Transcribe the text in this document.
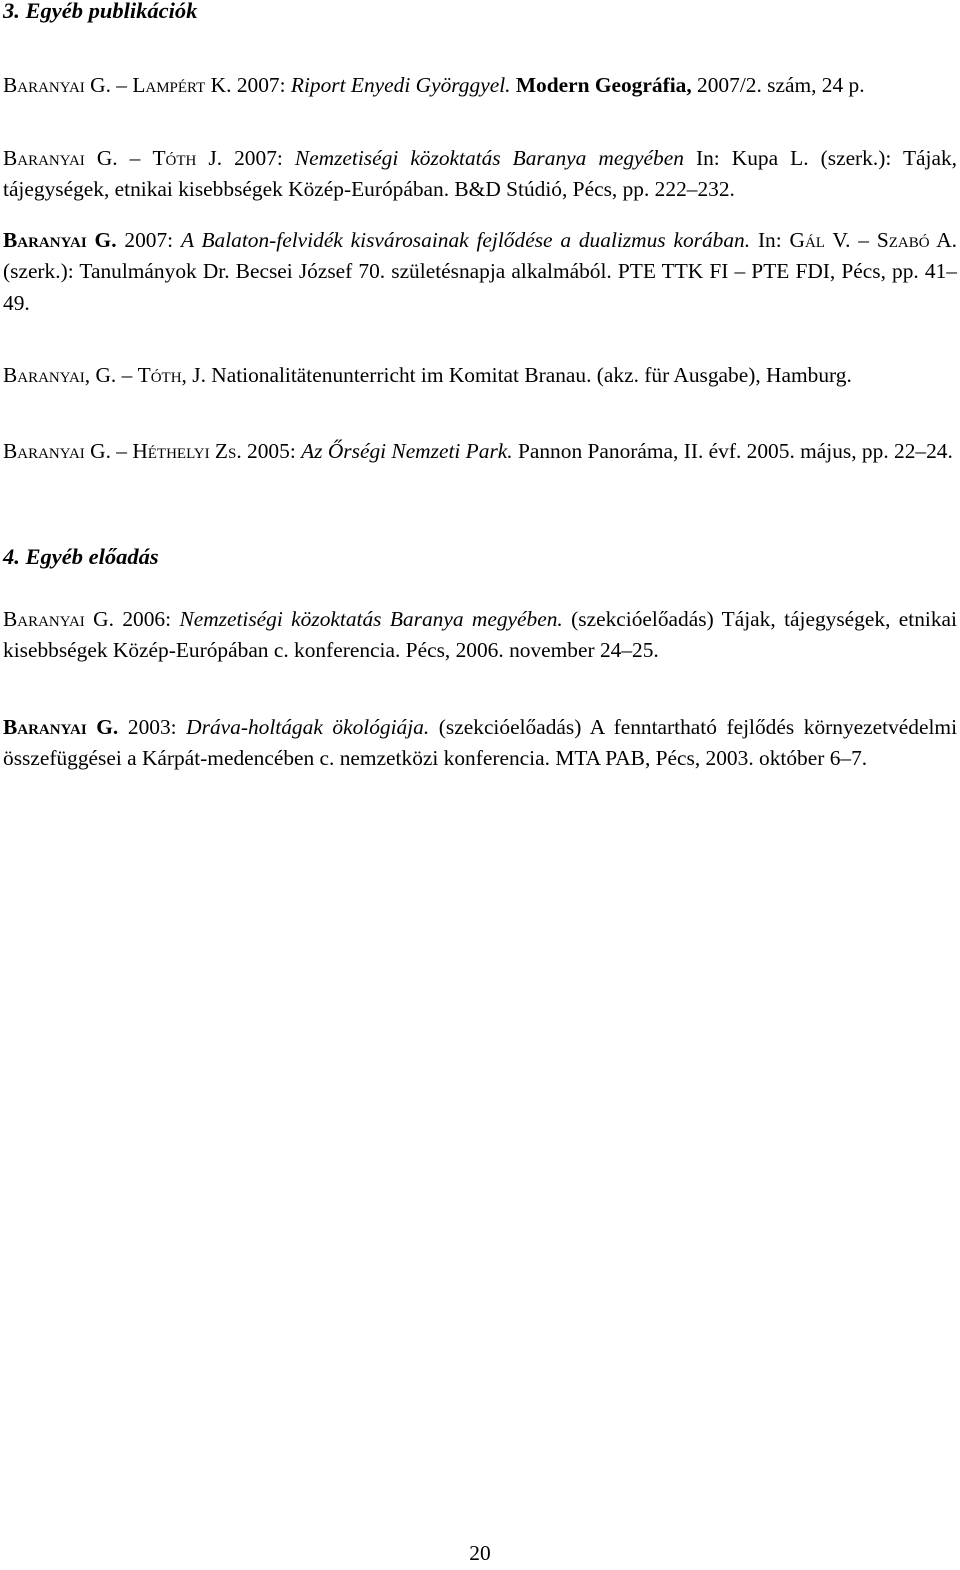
3. Egyéb publikációk

Baranyai G. – Lampért K. 2007: Riport Enyedi Györggyel. Modern Geográfia, 2007/2. szám, 24 p.

Baranyai G. – Tóth J. 2007: Nemzetiségi közoktatás Baranya megyében In: Kupa L. (szerk.): Tájak, tájegységek, etnikai kisebbségek Közép-Európában. B&D Stúdió, Pécs, pp. 222–232.

Baranyai G. 2007: A Balaton-felvidék kisvárosainak fejlődése a dualizmus korában. In: Gál V. – Szabó A. (szerk.): Tanulmányok Dr. Becsei József 70. születésnapja alkalmából. PTE TTK FI – PTE FDI, Pécs, pp. 41–49.

Baranyai, G. – Tóth, J. Nationalitätenunterricht im Komitat Branau. (akz. für Ausgabe), Hamburg.

Baranyai G. – Héthelyi Zs. 2005: Az Őrségi Nemzeti Park. Pannon Panoráma, II. évf. 2005. május, pp. 22–24.

4. Egyéb előadás

Baranyai G. 2006: Nemzetiségi közoktatás Baranya megyében. (szekcióelőadás) Tájak, tájegységek, etnikai kisebbségek Közép-Európában c. konferencia. Pécs, 2006. november 24–25.

Baranyai G. 2003: Dráva-holtágak ökológiája. (szekcióelőadás) A fenntartható fejlődés környezetvédelmi összefüggései a Kárpát-medencében c. nemzetközi konferencia. MTA PAB, Pécs, 2003. október 6–7.

20
